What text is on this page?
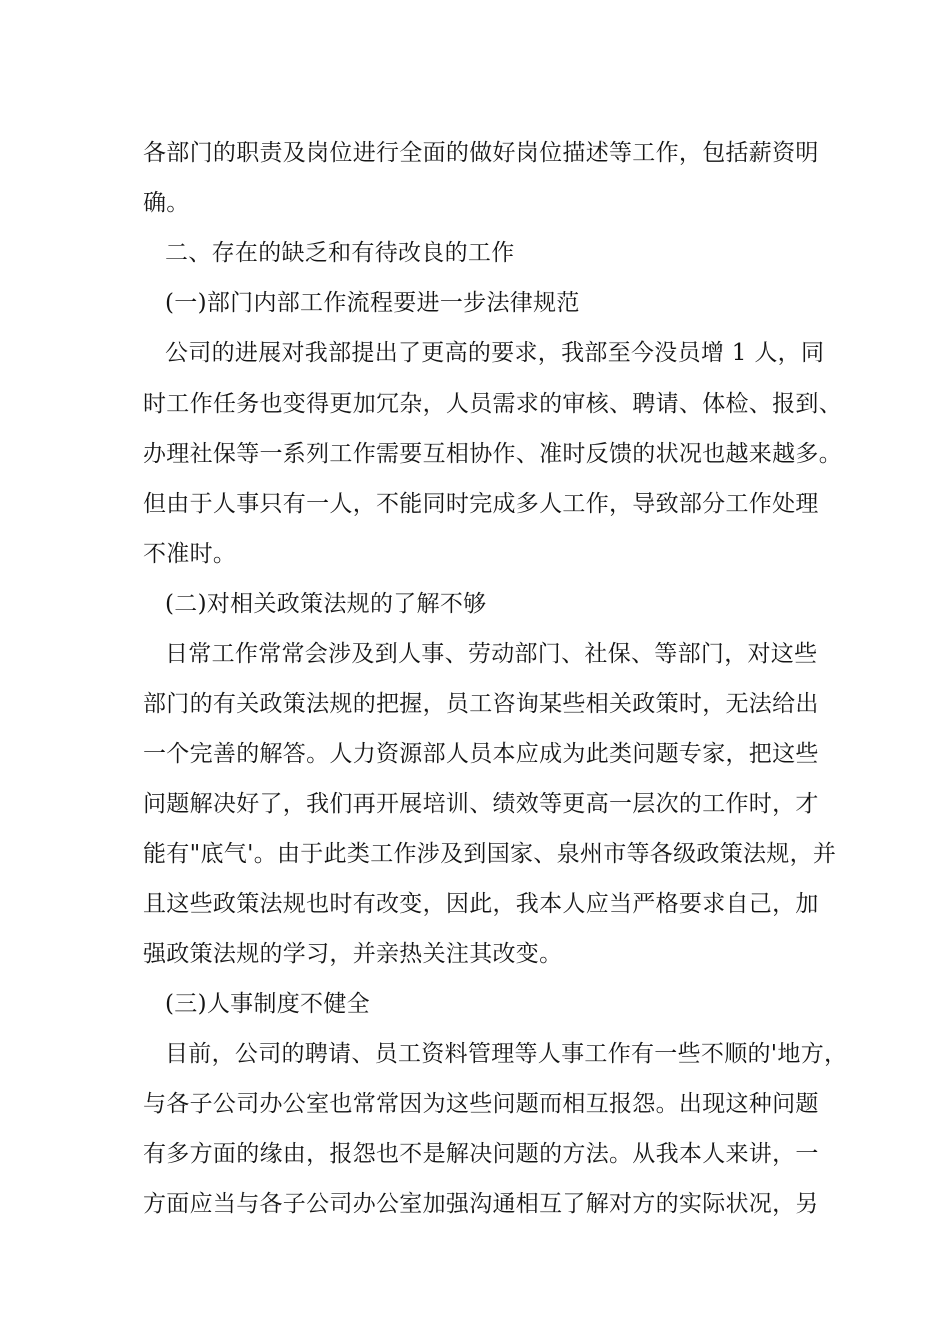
各部门的职责及岗位进行全面的做好岗位描述等工作，包括薪资明
确。
二、存在的缺乏和有待改良的工作
(一)部门内部工作流程要进一步法律规范
公司的进展对我部提出了更高的要求，我部至今没员增 1 人，同
时工作任务也变得更加冗杂，人员需求的审核、聘请、体检、报到、
办理社保等一系列工作需要互相协作、准时反馈的状况也越来越多。
但由于人事只有一人，不能同时完成多人工作，导致部分工作处理
不准时。
(二)对相关政策法规的了解不够
日常工作常常会涉及到人事、劳动部门、社保、等部门，对这些
部门的有关政策法规的把握，员工咨询某些相关政策时，无法给出
一个完善的解答。人力资源部人员本应成为此类问题专家，把这些
问题解决好了，我们再开展培训、绩效等更高一层次的工作时，才
能有"底气'。由于此类工作涉及到国家、泉州市等各级政策法规，并
且这些政策法规也时有改变，因此，我本人应当严格要求自己，加
强政策法规的学习，并亲热关注其改变。
(三)人事制度不健全
目前，公司的聘请、员工资料管理等人事工作有一些不顺的'地方，
与各子公司办公室也常常因为这些问题而相互报怨。出现这种问题
有多方面的缘由，报怨也不是解决问题的方法。从我本人来讲，一
方面应当与各子公司办公室加强沟通相互了解对方的实际状况，另
